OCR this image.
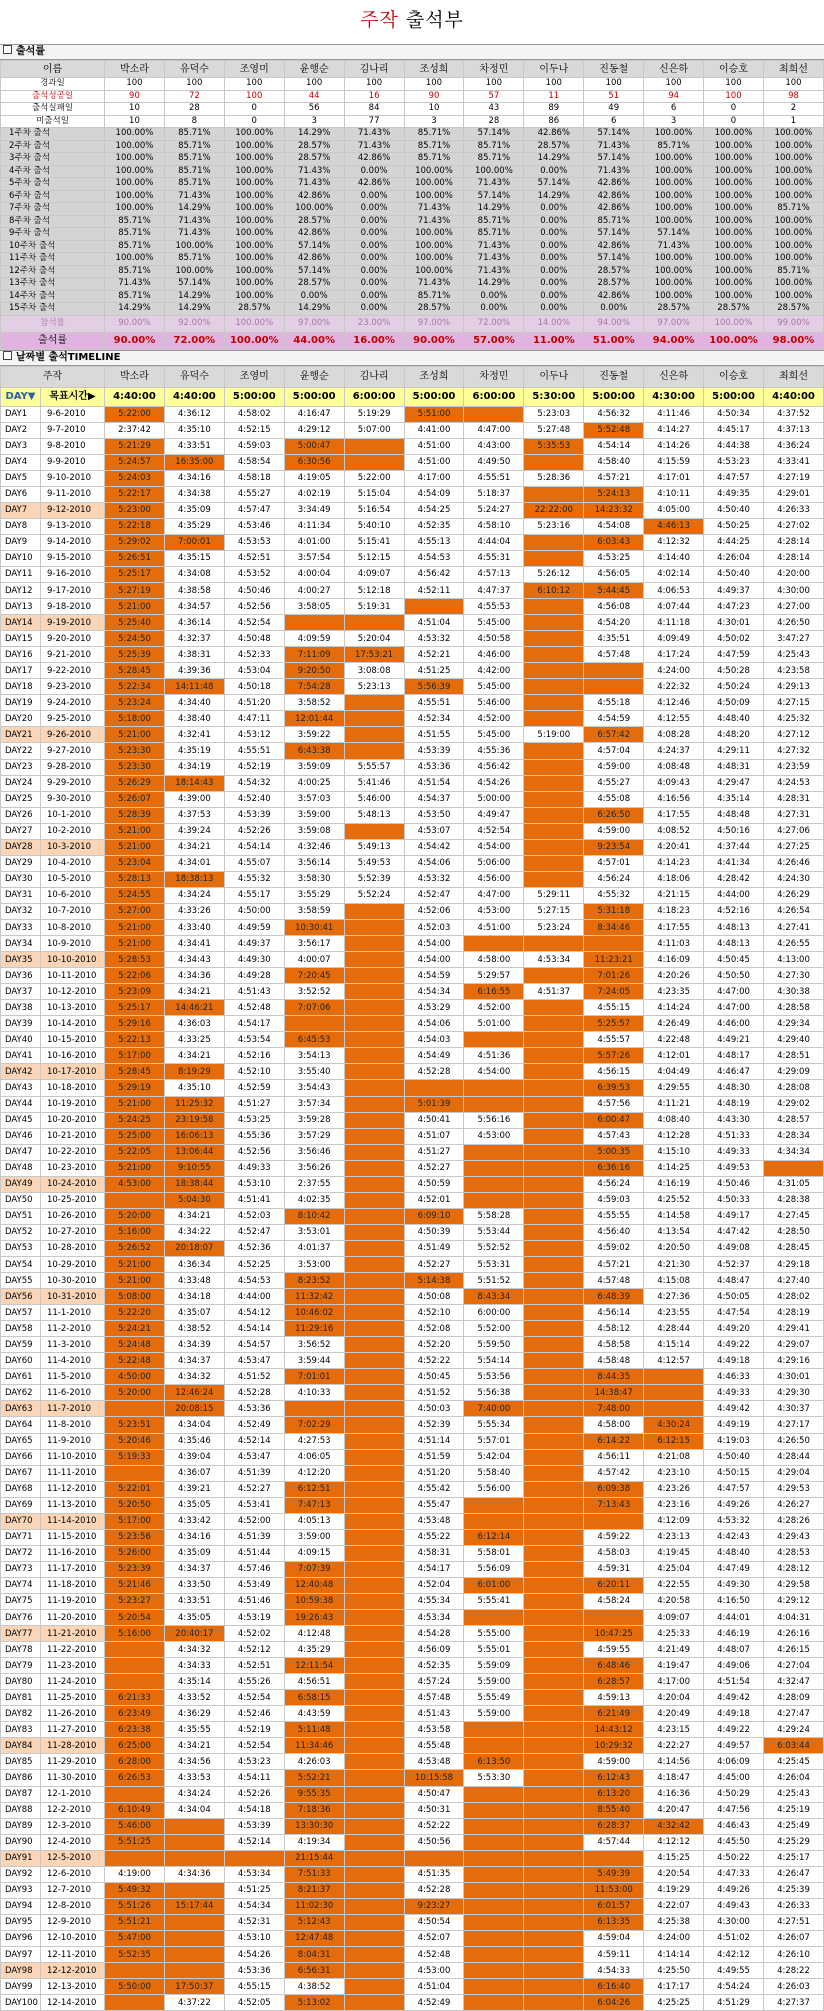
주작 출석부
출석률
이름	박소라	유덕수	조영미	윤행순	김나리	조성희	차정민	이두나	진동철	신은하	이승호	최희선
경과일	100	100	100	100	100	100	100	100	100	100	100	100
출석성공일	90	72	100	44	16	90	57	11	51	94	100	98
출석실패일	10	28	0	56	84	10	43	89	49	6	0	2
미출석일	10	8	0	3	77	3	28	86	6	3	0	1
1주차 출석	100.00%	85.71%	100.00%	14.29%	71.43%	85.71%	57.14%	42.86%	57.14%	100.00%	100.00%	100.00%
2주차 출석	100.00%	85.71%	100.00%	28.57%	71.43%	85.71%	85.71%	28.57%	71.43%	85.71%	100.00%	100.00%
3주차 출석	100.00%	85.71%	100.00%	28.57%	42.86%	85.71%	85.71%	14.29%	57.14%	100.00%	100.00%	100.00%
4주차 출석	100.00%	85.71%	100.00%	71.43%	0.00%	100.00%	100.00%	0.00%	71.43%	100.00%	100.00%	100.00%
5주차 출석	100.00%	85.71%	100.00%	71.43%	42.86%	100.00%	71.43%	57.14%	42.86%	100.00%	100.00%	100.00%
6주차 출석	100.00%	71.43%	100.00%	42.86%	0.00%	100.00%	57.14%	14.29%	42.86%	100.00%	100.00%	100.00%
7주차 출석	100.00%	14.29%	100.00%	100.00%	0.00%	71.43%	14.29%	0.00%	42.86%	100.00%	100.00%	85.71%
8주차 출석	85.71%	71.43%	100.00%	28.57%	0.00%	71.43%	85.71%	0.00%	85.71%	100.00%	100.00%	100.00%
9주차 출석	85.71%	71.43%	100.00%	42.86%	0.00%	100.00%	85.71%	0.00%	57.14%	57.14%	100.00%	100.00%
10주차 출석	85.71%	100.00%	100.00%	57.14%	0.00%	100.00%	71.43%	0.00%	42.86%	71.43%	100.00%	100.00%
11주차 출석	100.00%	85.71%	100.00%	42.86%	0.00%	100.00%	71.43%	0.00%	57.14%	100.00%	100.00%	100.00%
12주차 출석	85.71%	100.00%	100.00%	57.14%	0.00%	100.00%	71.43%	0.00%	28.57%	100.00%	100.00%	85.71%
13주차 출석	71.43%	57.14%	100.00%	28.57%	0.00%	71.43%	14.29%	0.00%	28.57%	100.00%	100.00%	100.00%
14주차 출석	85.71%	14.29%	100.00%	0.00%	0.00%	85.71%	0.00%	0.00%	42.86%	100.00%	100.00%	100.00%
15주차 출석	14.29%	14.29%	28.57%	14.29%	0.00%	28.57%	0.00%	0.00%	0.00%	28.57%	28.57%	28.57%
참석률	90.00%	92.00%	100.00%	97.00%	23.00%	97.00%	72.00%	14.00%	94.00%	97.00%	100.00%	99.00%
출석률	90.00%	72.00%	100.00%	44.00%	16.00%	90.00%	57.00%	11.00%	51.00%	94.00%	100.00%	98.00%
날짜별 출석TIMELINE
주작		박소라	유덕수	조영미	윤행순	김나리	조성희	차정민	이두나	진동철	신은하	이승호	최희선
DAY▼	목표시간▶	4:40:00	4:40:00	5:00:00	5:00:00	6:00:00	5:00:00	6:00:00	5:30:00	5:00:00	4:30:00	5:00:00	4:40:00
DAY1	9-6-2010	5:22:00	4:36:12	4:58:02	4:16:47	5:19:29	5:51:00		5:23:03	4:56:32	4:11:46	4:50:34	4:37:52
DAY2	9-7-2010	2:37:42	4:35:10	4:52:15	4:29:12	5:07:00	4:41:00	4:47:00	5:27:48	5:52:48	4:14:27	4:45:17	4:37:13
DAY3	9-8-2010	5:21:29	4:33:51	4:59:03	5:00:47		4:51:00	4:43:00	5:35:53	4:54:14	4:14:26	4:44:38	4:36:24
DAY4	9-9-2010	5:24:57	16:35:00	4:58:54	6:30:56		4:51:00	4:49:50		4:58:40	4:15:59	4:53:23	4:33:41
DAY5	9-10-2010	5:24:03	4:34:16	4:58:18	4:19:05	5:22:00	4:17:00	4:55:51	5:28:36	4:57:21	4:17:01	4:47:57	4:27:19
DAY6	9-11-2010	5:22:17	4:34:38	4:55:27	4:02:19	5:15:04	4:54:09	5:18:37		5:24:13	4:10:11	4:49:35	4:29:01
DAY7	9-12-2010	5:23:00	4:35:09	4:57:47	3:34:49	5:16:54	4:54:25	5:24:27	22:22:00	14:23:32	4:05:00	4:50:40	4:26:33
DAY8	9-13-2010	5:22:18	4:35:29	4:53:46	4:11:34	5:40:10	4:52:35	4:58:10	5:23:16	4:54:08	4:46:13	4:50:25	4:27:02
DAY9	9-14-2010	5:29:02	7:00:01	4:53:53	4:01:00	5:15:41	4:55:13	4:44:04		6:03:43	4:12:32	4:44:25	4:28:14
DAY10	9-15-2010	5:26:51	4:35:15	4:52:51	3:57:54	5:12:15	4:54:53	4:55:31		4:53:25	4:14:40	4:26:04	4:28:14
DAY11	9-16-2010	5:25:17	4:34:08	4:53:52	4:00:04	4:09:07	4:56:42	4:57:13	5:26:12	4:56:05	4:02:14	4:50:40	4:20:00
DAY12	9-17-2010	5:27:19	4:38:58	4:50:46	4:00:27	5:12:18	4:52:11	4:47:37	6:10:12	5:44:45	4:06:53	4:49:37	4:30:00
DAY13	9-18-2010	5:21:00	4:34:57	4:52:56	3:58:05	5:19:31		4:55:53		4:56:08	4:07:44	4:47:23	4:27:00
DAY14	9-19-2010	5:25:40	4:36:14	4:52:54			4:51:04	5:45:00		4:54:20	4:11:18	4:30:01	4:26:50
DAY15	9-20-2010	5:24:50	4:32:37	4:50:48	4:09:59	5:20:04	4:53:32	4:50:58		4:35:51	4:09:49	4:50:02	3:47:27
DAY16	9-21-2010	5:25:39	4:38:31	4:52:33	7:11:09	17:53:21	4:52:21	4:46:00		4:57:48	4:17:24	4:47:59	4:25:43
DAY17	9-22-2010	5:28:45	4:39:36	4:53:04	9:20:50	3:08:08	4:51:25	4:42:00			4:24:00	4:50:28	4:23:58
DAY18	9-23-2010	5:22:34	14:11:48	4:50:18	7:54:28	5:23:13	5:56:39	5:45:00			4:22:32	4:50:24	4:29:13
DAY19	9-24-2010	5:23:24	4:34:40	4:51:20	3:58:52		4:55:51	5:46:00		4:55:18	4:12:46	4:50:09	4:27:15
DAY20	9-25-2010	5:18:00	4:38:40	4:47:11	12:01:44		4:52:34	4:52:00		4:54:59	4:12:55	4:48:40	4:25:32
DAY21	9-26-2010	5:21:00	4:32:41	4:53:12	3:59:22		4:51:55	5:45:00	5:19:00	6:57:42	4:08:28	4:48:20	4:27:12
DAY22	9-27-2010	5:23:30	4:35:19	4:55:51	6:43:38		4:53:39	4:55:36		4:57:04	4:24:37	4:29:11	4:27:32
DAY23	9-28-2010	5:23:30	4:34:19	4:52:19	3:59:09	5:55:57	4:53:36	4:56:42		4:59:00	4:08:48	4:48:31	4:23:59
DAY24	9-29-2010	5:26:29	18:14:43	4:54:32	4:00:25	5:41:46	4:51:54	4:54:26		4:55:27	4:09:43	4:29:47	4:24:53
DAY25	9-30-2010	5:26:07	4:39:00	4:52:40	3:57:03	5:46:00	4:54:37	5:00:00		4:55:08	4:16:56	4:35:14	4:28:31
DAY26	10-1-2010	5:28:39	4:37:53	4:53:39	3:59:00	5:48:13	4:53:50	4:49:47		6:26:50	4:17:55	4:48:48	4:27:31
DAY27	10-2-2010	5:21:00	4:39:24	4:52:26	3:59:08		4:53:07	4:52:54		4:59:00	4:08:52	4:50:16	4:27:06
DAY28	10-3-2010	5:21:00	4:34:21	4:54:14	4:32:46	5:49:13	4:54:42	4:54:00		9:23:54	4:20:41	4:37:44	4:27:25
DAY29	10-4-2010	5:23:04	4:34:01	4:55:07	3:56:14	5:49:53	4:54:06	5:06:00		4:57:01	4:14:23	4:41:34	4:26:46
DAY30	10-5-2010	5:28:13	18:38:13	4:55:32	3:58:30	5:52:39	4:53:32	4:56:00		4:56:24	4:18:06	4:28:42	4:24:30
DAY31	10-6-2010	5:24:55	4:34:24	4:55:17	3:55:29	5:52:24	4:52:47	4:47:00	5:29:11	4:55:32	4:21:15	4:44:00	4:26:29
DAY32	10-7-2010	5:27:00	4:33:26	4:50:00	3:58:59		4:52:06	4:53:00	5:27:15	5:31:18	4:18:23	4:52:16	4:26:54
DAY33	10-8-2010	5:21:00	4:33:40	4:49:59	10:30:41		4:52:03	4:51:00	5:23:24	8:34:46	4:17:55	4:48:13	4:27:41
DAY34	10-9-2010	5:21:00	4:34:41	4:49:37	3:56:17		4:54:00				4:11:03	4:48:13	4:26:55
DAY35	10-10-2010	5:28:53	4:34:43	4:49:30	4:00:07		4:54:00	4:58:00	4:53:34	11:23:21	4:16:09	4:50:45	4:13:00
DAY36	10-11-2010	5:22:06	4:34:36	4:49:28	7:20:45		4:54:59	5:29:57		7:01:26	4:20:26	4:50:50	4:27:30
DAY37	10-12-2010	5:23:09	4:34:21	4:51:43	3:52:52		4:54:34	6:16:55	4:51:37	7:24:05	4:23:35	4:47:00	4:30:38
DAY38	10-13-2010	5:25:17	14:46:21	4:52:48	7:07:06		4:53:29	4:52:00		4:55:15	4:14:24	4:47:00	4:28:58
DAY39	10-14-2010	5:29:16	4:36:03	4:54:17			4:54:06	5:01:00		5:25:57	4:26:49	4:46:00	4:29:34
DAY40	10-15-2010	5:22:13	4:33:25	4:53:54	6:45:53		4:54:03			4:55:57	4:22:48	4:49:21	4:29:40
DAY41	10-16-2010	5:17:00	4:34:21	4:52:16	3:54:13		4:54:49	4:51:36		5:57:26	4:12:01	4:48:17	4:28:51
DAY42	10-17-2010	5:28:45	8:19:29	4:52:10	3:55:40		4:52:28	4:54:00		4:56:15	4:04:49	4:46:47	4:29:09
DAY43	10-18-2010	5:29:19	4:35:10	4:52:59	3:54:43					6:39:53	4:29:55	4:48:30	4:28:08
DAY44	10-19-2010	5:21:00	11:25:32	4:51:27	3:57:34		5:01:39			4:57:56	4:11:21	4:48:19	4:29:02
DAY45	10-20-2010	5:24:25	23:19:58	4:53:25	3:59:28		4:50:41	5:56:16		6:00:47	4:08:40	4:43:30	4:28:57
DAY46	10-21-2010	5:25:00	16:06:13	4:55:36	3:57:29		4:51:07	4:53:00		4:57:43	4:12:28	4:51:33	4:28:34
DAY47	10-22-2010	5:22:05	13:06:44	4:52:56	3:56:46		4:51:27			5:00:35	4:15:10	4:49:33	4:34:34
DAY48	10-23-2010	5:21:00	9:10:55	4:49:33	3:56:26		4:52:27			6:36:16	4:14:25	4:49:53	
DAY49	10-24-2010	4:53:00	18:38:44	4:53:10	2:37:55		4:50:59			4:56:24	4:16:19	4:50:46	4:31:05
DAY50	10-25-2010		5:04:30	4:51:41	4:02:35		4:52:01			4:59:03	4:25:52	4:50:33	4:28:38
DAY51	10-26-2010	5:20:00	4:34:21	4:52:03	8:10:42		6:09:10	5:58:28		4:55:55	4:14:58	4:49:17	4:27:45
DAY52	10-27-2010	5:16:00	4:34:22	4:52:47	3:53:01		4:50:39	5:53:44		4:56:40	4:13:54	4:47:42	4:28:50
DAY53	10-28-2010	5:26:52	20:18:07	4:52:36	4:01:37		4:51:49	5:52:52		4:59:02	4:20:50	4:49:08	4:28:45
DAY54	10-29-2010	5:21:00	4:36:34	4:52:25	3:53:00		4:52:27	5:53:31		4:57:21	4:21:30	4:52:37	4:29:18
DAY55	10-30-2010	5:21:00	4:33:48	4:54:53	8:23:52		5:14:38	5:51:52		4:57:48	4:15:08	4:48:47	4:27:40
DAY56	10-31-2010	5:08:00	4:34:18	4:44:00	11:32:42		4:50:08	8:43:34		6:48:39	4:27:36	4:50:05	4:28:02
DAY57	11-1-2010	5:22:20	4:35:07	4:54:12	10:46:02		4:52:10	6:00:00		4:56:14	4:23:55	4:47:54	4:28:19
DAY58	11-2-2010	5:24:21	4:38:52	4:54:14	11:29:16		4:52:08	5:52:00		4:58:12	4:28:44	4:49:20	4:29:41
DAY59	11-3-2010	5:24:48	4:34:39	4:54:57	3:56:52		4:52:20	5:59:50		4:58:58	4:15:14	4:49:22	4:29:07
DAY60	11-4-2010	5:22:48	4:34:37	4:53:47	3:59:44		4:52:22	5:54:14		4:58:48	4:12:57	4:49:18	4:29:16
DAY61	11-5-2010	4:50:00	4:34:32	4:51:52	7:01:01		4:50:45	5:53:56		8:44:35		4:46:33	4:30:01
DAY62	11-6-2010	5:20:00	12:46:24	4:52:28	4:10:33		4:51:52	5:56:38		14:38:47		4:49:33	4:29:30
DAY63	11-7-2010		20:08:15	4:53:36			4:50:03	7:40:00		7:48:00		4:49:42	4:30:37
DAY64	11-8-2010	5:23:51	4:34:04	4:52:49	7:02:29		4:52:39	5:55:34		4:58:00	4:30:24	4:49:19	4:27:17
DAY65	11-9-2010	5:20:46	4:35:46	4:52:14	4:27:53		4:51:14	5:57:01		6:14:22	6:12:15	4:19:03	4:26:50
DAY66	11-10-2010	5:19:33	4:39:04	4:53:47	4:06:05		4:51:59	5:42:04		4:56:11	4:21:08	4:50:40	4:28:44
DAY67	11-11-2010		4:36:07	4:51:39	4:12:20		4:51:20	5:58:40		4:57:42	4:23:10	4:50:15	4:29:04
DAY68	11-12-2010	5:22:01	4:39:21	4:52:27	6:12:51		4:55:42	5:56:00		6:09:38	4:23:26	4:47:57	4:29:53
DAY69	11-13-2010	5:20:50	4:35:05	4:53:41	7:47:13		4:55:47			7:13:43	4:23:16	4:49:26	4:26:27
DAY70	11-14-2010	5:17:00	4:33:42	4:52:00	4:05:13		4:53:48				4:12:09	4:53:32	4:28:26
DAY71	11-15-2010	5:23:56	4:34:16	4:51:39	3:59:00		4:55:22	6:12:14		4:59:22	4:23:13	4:42:43	4:29:43
DAY72	11-16-2010	5:26:00	4:35:09	4:51:44	4:09:15		4:58:31	5:58:01		4:58:03	4:19:45	4:48:40	4:28:53
DAY73	11-17-2010	5:23:39	4:34:37	4:57:46	7:07:39		4:54:17	5:56:09		4:59:31	4:25:04	4:47:49	4:28:12
DAY74	11-18-2010	5:21:46	4:33:50	4:53:49	12:40:48		4:52:04	6:01:00		6:20:11	4:22:55	4:49:30	4:29:58
DAY75	11-19-2010	5:23:27	4:33:51	4:51:46	10:59:38		4:55:34	5:55:41		4:58:24	4:20:58	4:16:50	4:29:12
DAY76	11-20-2010	5:20:54	4:35:05	4:53:19	19:26:43		4:53:34				4:09:07	4:44:01	4:04:31
DAY77	11-21-2010	5:16:00	20:40:17	4:52:02	4:12:48		4:54:28	5:55:00		10:47:25	4:25:33	4:46:19	4:26:16
DAY78	11-22-2010		4:34:32	4:52:12	4:35:29		4:56:09	5:55:01		4:59:55	4:21:49	4:48:07	4:26:15
DAY79	11-23-2010		4:34:33	4:52:51	12:11:54		4:52:35	5:59:09		6:48:46	4:19:47	4:49:06	4:27:04
DAY80	11-24-2010		4:35:14	4:55:26	4:56:51		4:57:24	5:59:00		6:28:57	4:17:00	4:51:54	4:32:47
DAY81	11-25-2010	6:21:33	4:33:52	4:52:54	6:58:15		4:57:48	5:55:49		4:59:13	4:20:04	4:49:42	4:28:09
DAY82	11-26-2010	6:23:49	4:36:29	4:52:46	4:43:59		4:51:43	5:59:00		6:21:49	4:20:49	4:49:18	4:27:47
DAY83	11-27-2010	6:23:38	4:35:55	4:52:19	5:11:48		4:53:58			14:43:12	4:23:15	4:49:22	4:29:24
DAY84	11-28-2010	6:25:00	4:34:21	4:52:54	11:34:46		4:55:48			10:29:32	4:22:27	4:49:57	6:03:44
DAY85	11-29-2010	6:28:00	4:34:56	4:53:23	4:26:03		4:53:48	6:13:50		4:59:00	4:14:56	4:06:09	4:25:45
DAY86	11-30-2010	6:26:53	4:33:53	4:54:11	5:52:21		10:15:58	5:53:30		6:12:43	4:18:47	4:45:00	4:26:04
DAY87	12-1-2010		4:34:24	4:52:26	9:55:35		4:50:47			6:13:20	4:16:36	4:50:29	4:25:43
DAY88	12-2-2010	6:10:49	4:34:04	4:54:18	7:18:36		4:50:31			8:55:40	4:20:47	4:47:56	4:25:19
DAY89	12-3-2010	5:46:00		4:53:39	13:30:30		4:52:22			6:28:37	4:32:42	4:46:43	4:25:49
DAY90	12-4-2010	5:51:25		4:52:14	4:19:34		4:50:56			4:57:44	4:12:12	4:45:50	4:25:29
DAY91	12-5-2010				21:15:44						4:15:25	4:50:22	4:25:17
DAY92	12-6-2010	4:19:00	4:34:36	4:53:34	7:51:33		4:51:35			5:49:39	4:20:54	4:47:33	4:26:47
DAY93	12-7-2010	5:49:32		4:51:25	8:21:37		4:52:28			11:53:00	4:19:29	4:49:26	4:25:39
DAY94	12-8-2010	5:51:26	15:17:44	4:54:34	11:02:30		9:23:27			6:01:57	4:22:07	4:49:43	4:26:33
DAY95	12-9-2010	5:51:21		4:52:31	5:12:43		4:50:54			6:13:35	4:25:38	4:30:00	4:27:51
DAY96	12-10-2010	5:47:00		4:53:10	12:47:48		4:52:07			4:59:04	4:24:00	4:51:02	4:26:07
DAY97	12-11-2010	5:52:35		4:54:26	8:04:31		4:52:48			4:59:11	4:14:14	4:42:12	4:26:10
DAY98	12-12-2010			4:53:36	6:56:31		4:53:00			4:54:33	4:25:50	4:49:55	4:28:22
DAY99	12-13-2010	5:50:00	17:50:37	4:55:15	4:38:52		4:51:04			6:16:40	4:17:17	4:54:24	4:26:03
DAY100	12-14-2010		4:37:22	4:52:05	5:13:02		4:52:49			6:04:26	4:25:25	4:51:29	4:27:37
